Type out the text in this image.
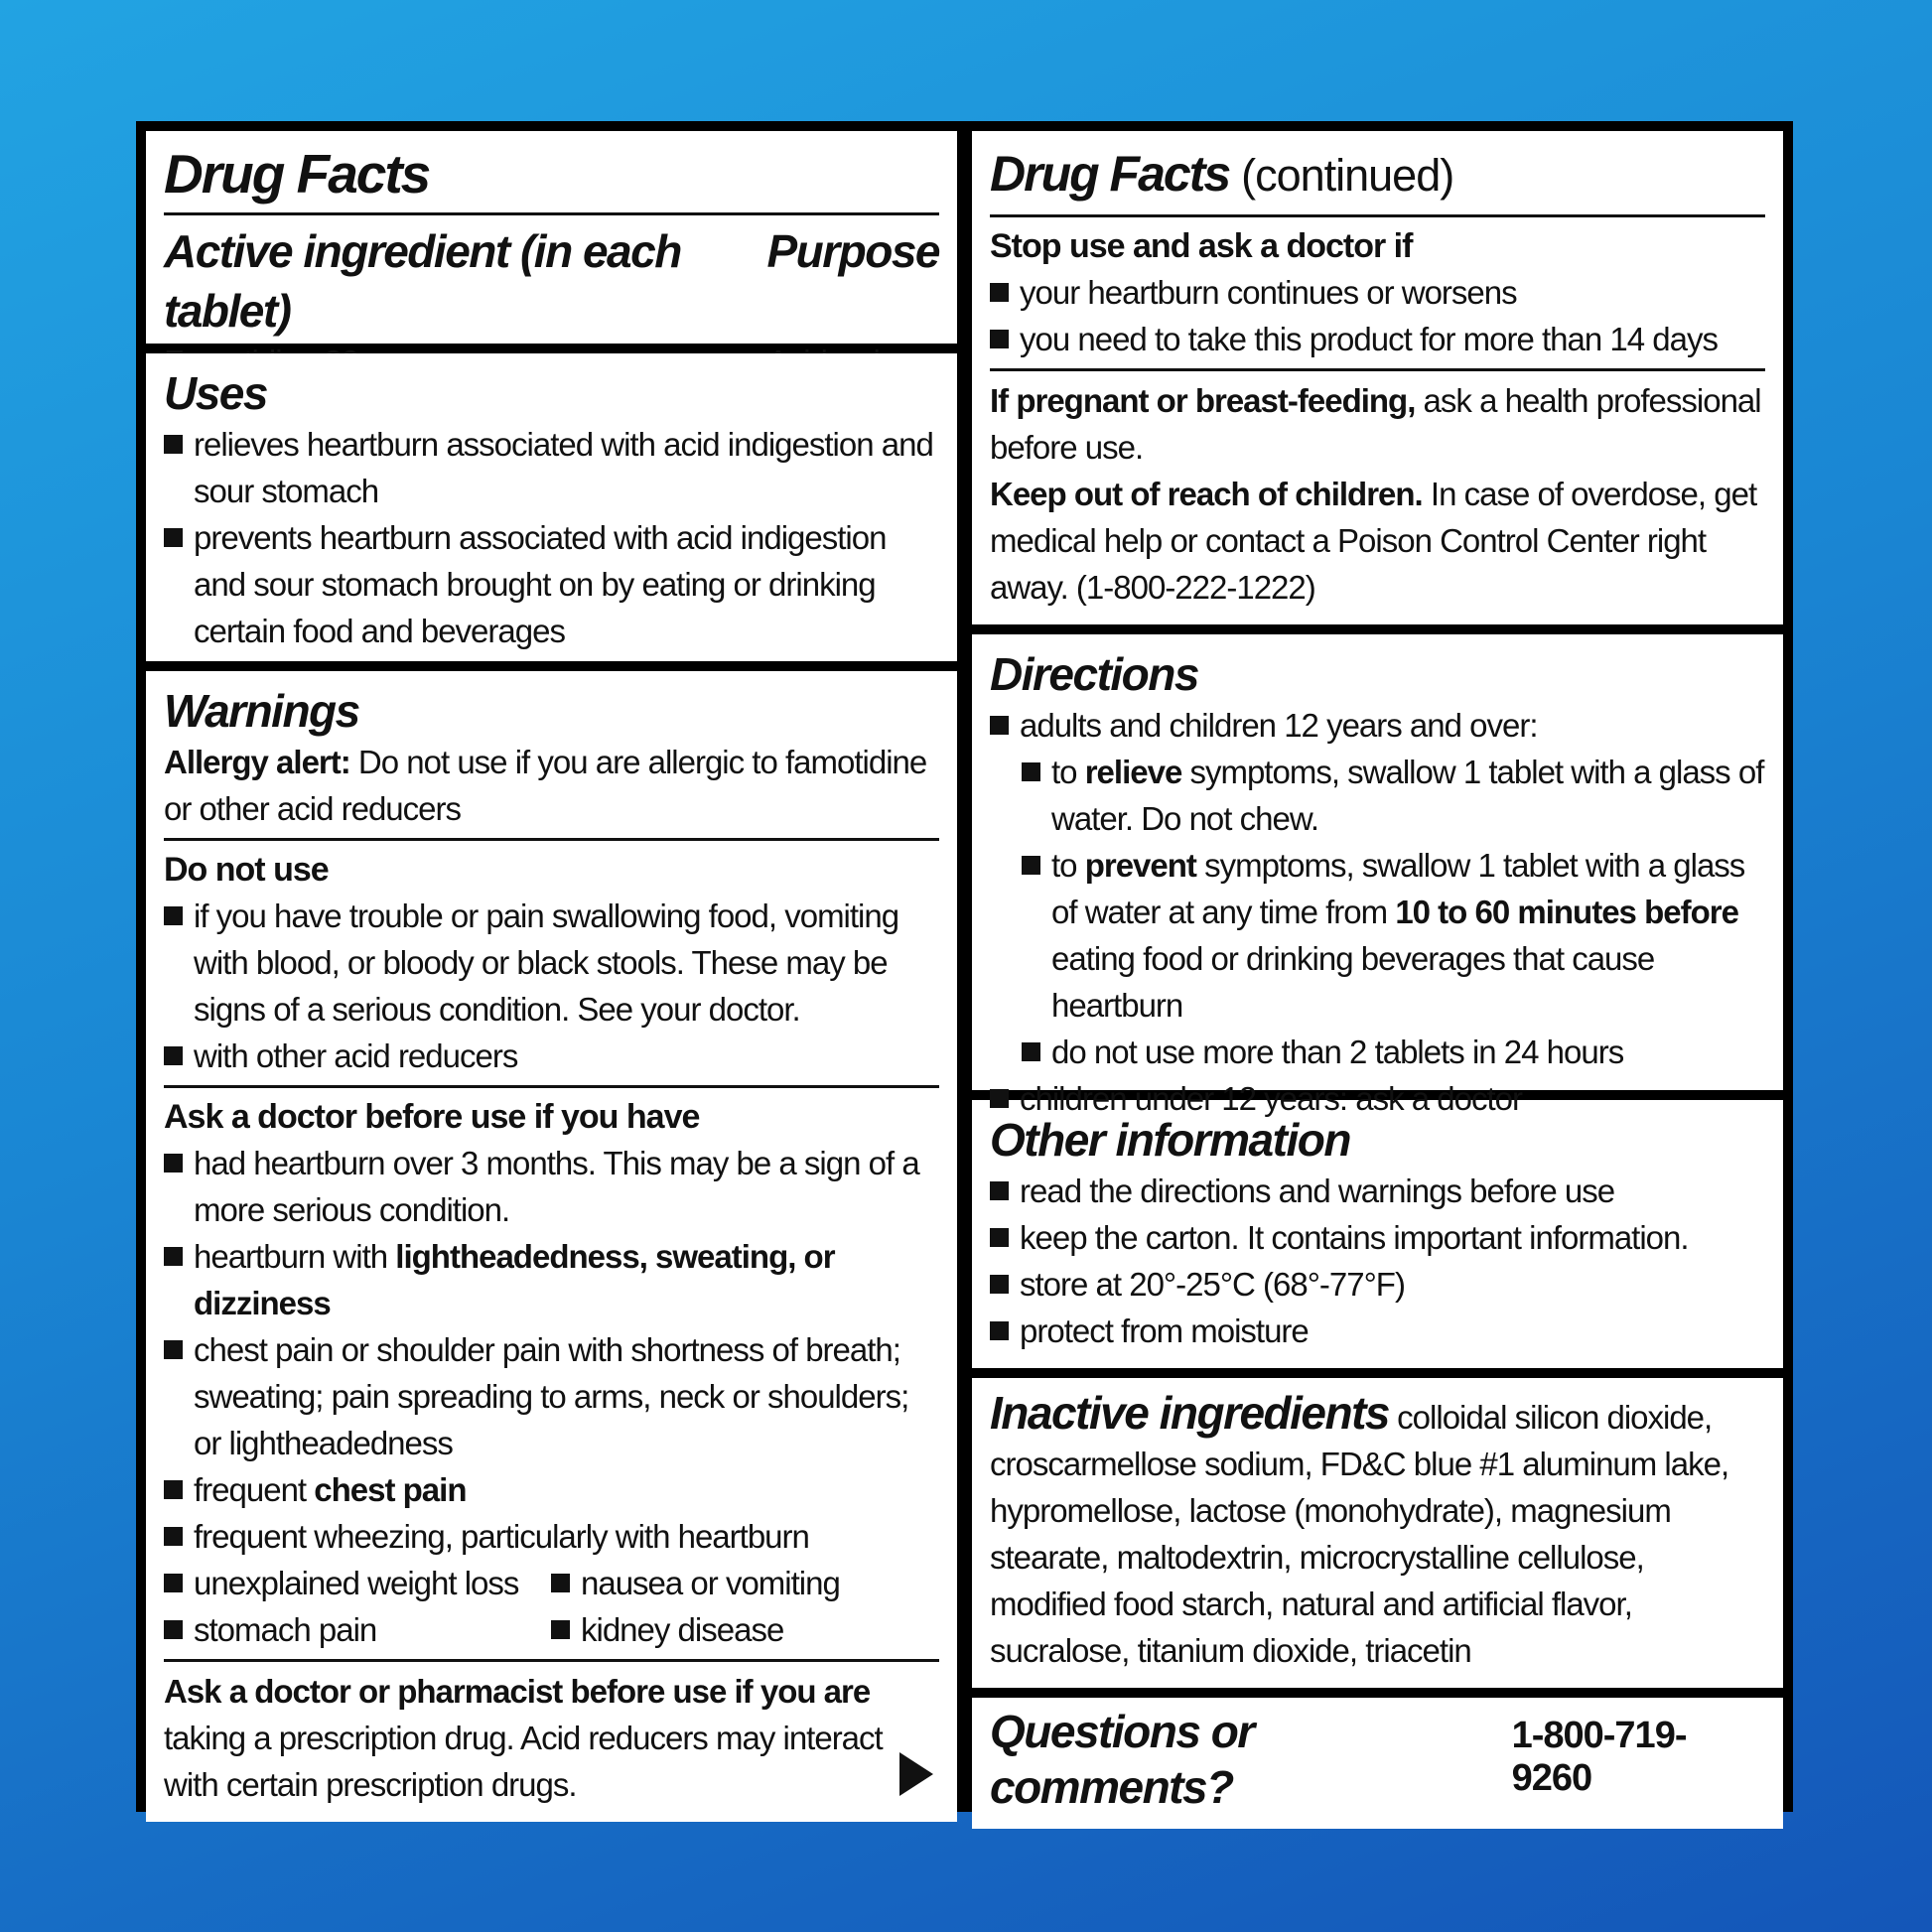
Drug Facts
Active ingredient (in each tablet)
Purpose
Uses
relieves heartburn associated with acid indigestion and sour stomach
prevents heartburn associated with acid indigestion and sour stomach brought on by eating or drinking certain food and beverages
Warnings

Allergy alert: Do not use if you are allergic to famotidine or other acid reducers

Do not use
if you have trouble or pain swallowing food, vomiting with blood, or bloody or black stools. These may be signs of a serious condition. See your doctor.
with other acid reducers
Ask a doctor before use if you have
had heartburn over 3 months. This may be a sign of a more serious condition.
heartburn with lightheadedness, sweating, or dizziness
chest pain or shoulder pain with shortness of breath; sweating; pain spreading to arms, neck or shoulders; or lightheadedness
frequent chest pain
frequent wheezing, particularly with heartburn
unexplained weight loss	nausea or vomiting
stomach pain	kidney disease

Ask a doctor or pharmacist before use if you are taking a prescription drug. Acid reducers may interact with certain prescription drugs.

Drug Facts (continued)
Stop use and ask a doctor if
your heartburn continues or worsens
you need to take this product for more than 14 days

If pregnant or breast-feeding, ask a health professional before use.

Keep out of reach of children. In case of overdose, get medical help or contact a Poison Control Center right away. (1-800-222-1222)

Directions
adults and children 12 years and over:
to relieve symptoms, swallow 1 tablet with a glass of water. Do not chew.
to prevent symptoms, swallow 1 tablet with a glass of water at any time from 10 to 60 minutes before eating food or drinking beverages that cause heartburn
do not use more than 2 tablets in 24 hours
children under 12 years: ask a doctor
Other information
read the directions and warnings before use
keep the carton. It contains important information.
store at 20°-25°C (68°-77°F)
protect from moisture

Inactive ingredients colloidal silicon dioxide, croscarmellose sodium, FD&C blue #1 aluminum lake, hypromellose, lactose (monohydrate), magnesium stearate, maltodextrin, microcrystalline cellulose, modified food starch, natural and artificial flavor, sucralose, titanium dioxide, triacetin

Questions or comments?
1-800-719-9260
